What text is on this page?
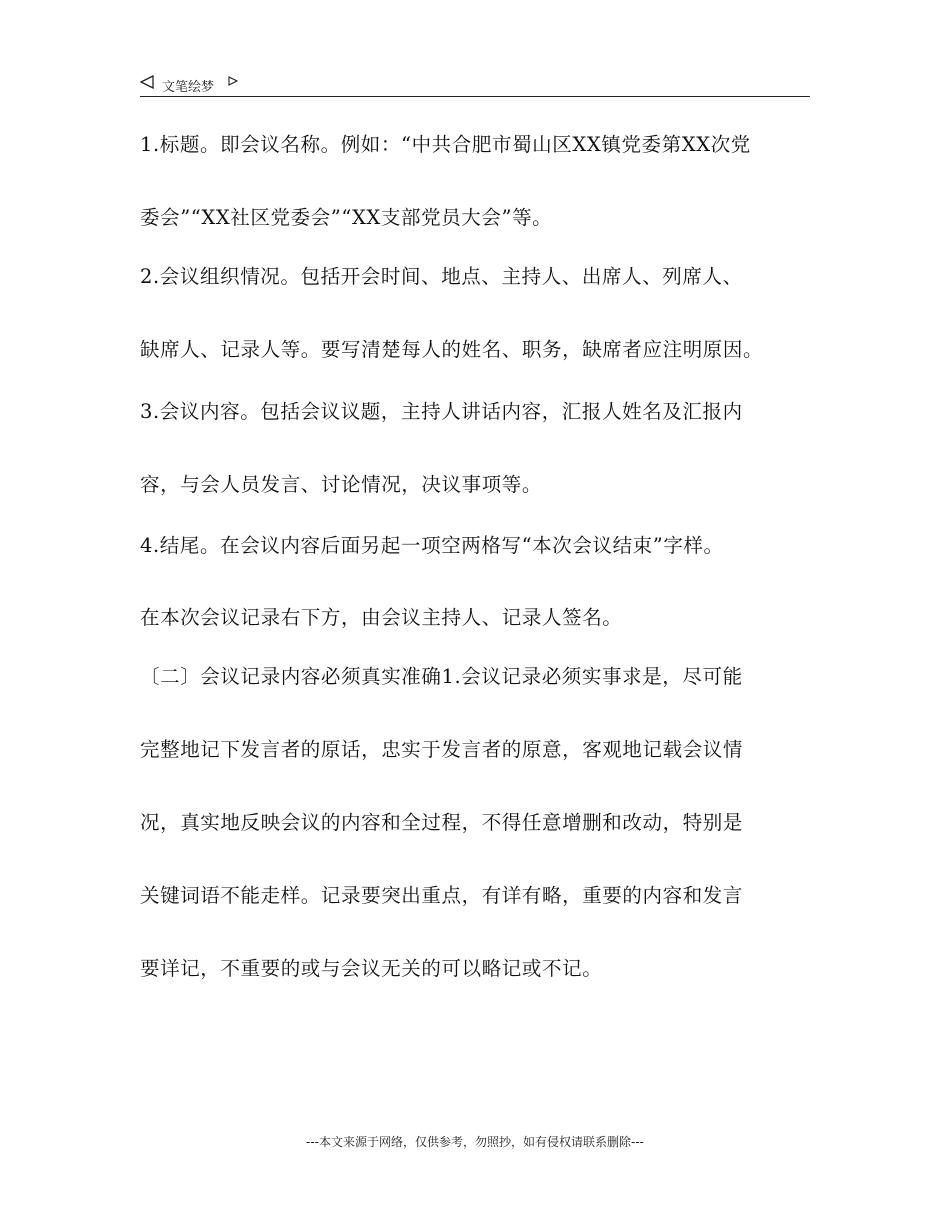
文笔绘梦
1.标题。即会议名称。例如：“中共合肥市蜀山区XX镇党委第XX次党
委会”“XX社区党委会”“XX支部党员大会”等。
2.会议组织情况。包括开会时间、地点、主持人、出席人、列席人、
缺席人、记录人等。要写清楚每人的姓名、职务，缺席者应注明原因。
3.会议内容。包括会议议题，主持人讲话内容，汇报人姓名及汇报内
容，与会人员发言、讨论情况，决议事项等。
4.结尾。在会议内容后面另起一项空两格写“本次会议结束”字样。
在本次会议记录右下方，由会议主持人、记录人签名。
〔二〕会议记录内容必须真实准确1.会议记录必须实事求是，尽可能
完整地记下发言者的原话，忠实于发言者的原意，客观地记载会议情
况，真实地反映会议的内容和全过程，不得任意增删和改动，特别是
关键词语不能走样。记录要突出重点，有详有略，重要的内容和发言
要详记，不重要的或与会议无关的可以略记或不记。
---本文来源于网络，仅供参考，勿照抄，如有侵权请联系删除---
